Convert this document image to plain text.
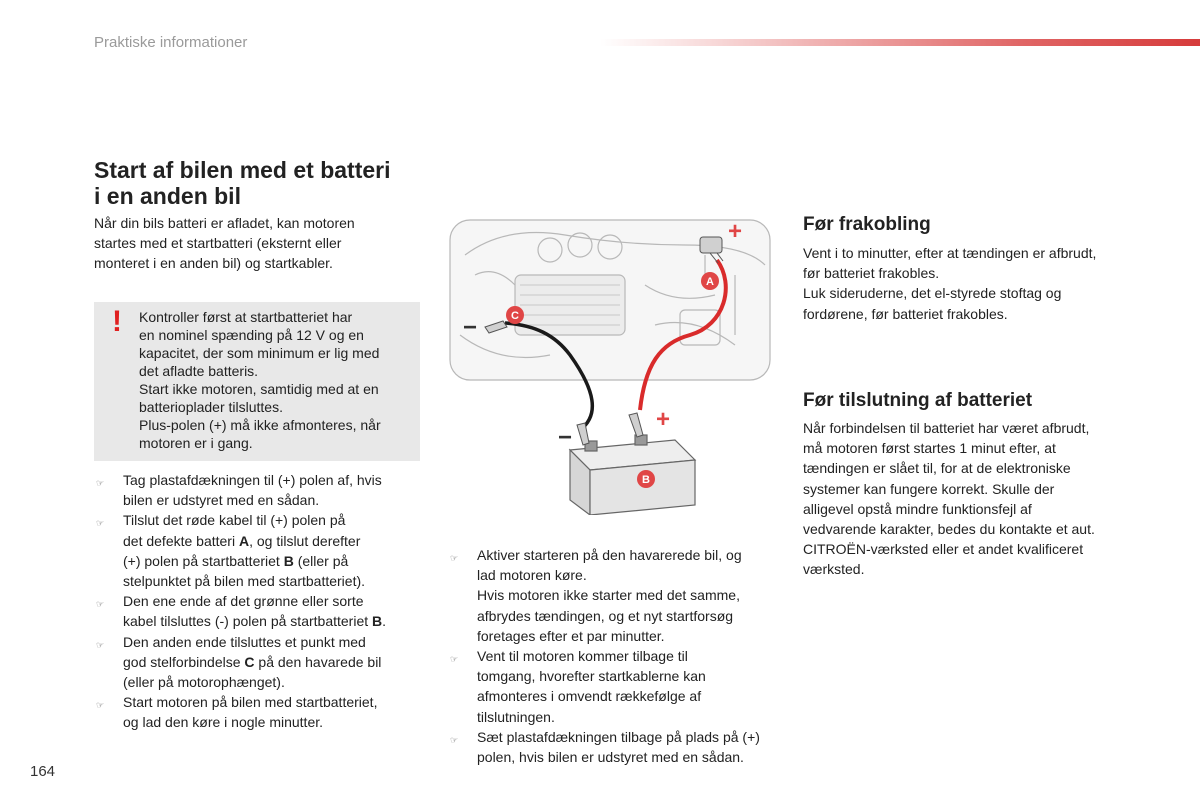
Praktiske informationer

Start af bilen med et batteri
i en anden bil

Når din bils batteri er afladet, kan motoren
startes med et startbatteri (eksternt eller
monteret i en anden bil) og startkabler.

Kontroller først at startbatteriet har

en nominel spænding på 12 V og en

kapacitet, der som minimum er lig med

det afladte batteris.

Start ikke motoren, samtidig med at en

batterioplader tilsluttes.

Plus-polen (+) må ikke afmonteres, når

motoren er i gang.

!
☞ Tag plastafdækningen til (+) polen af, hvis
bilen er udstyret med en sådan.
☞ Tilslut det røde kabel til (+) polen på
det defekte batteri A, og tilslut derefter
(+) polen på startbatteriet B (eller på
stelpunktet på bilen med startbatteriet).
☞ Den ene ende af det grønne eller sorte
kabel tilsluttes (-) polen på startbatteriet B.
☞ Den anden ende tilsluttes et punkt med
god stelforbindelse C på den havarede bil
(eller på motorophænget).
☞ Start motoren på bilen med startbatteriet,
og lad den køre i nogle minutter.
A
B
C
+
+
−
−
☞ Aktiver starteren på den havarerede bil, og
lad motoren køre.
Hvis motoren ikke starter med det samme,
afbrydes tændingen, og et nyt startforsøg
foretages efter et par minutter.
☞ Vent til motoren kommer tilbage til
tomgang, hvorefter startkablerne kan
afmonteres i omvendt rækkefølge af
tilslutningen.
☞ Sæt plastafdækningen tilbage på plads på (+)
polen, hvis bilen er udstyret med en sådan.
Før frakobling

Vent i to minutter, efter at tændingen er afbrudt,
før batteriet frakobles.
Luk sideruderne, det el-styrede stoftag og
fordørene, før batteriet frakobles.

Før tilslutning af batteriet

Når forbindelsen til batteriet har været afbrudt,
må motoren først startes 1 minut efter, at
tændingen er slået til, for at de elektroniske
systemer kan fungere korrekt. Skulle der
alligevel opstå mindre funktionsfejl af
vedvarende karakter, bedes du kontakte et aut.
CITROËN-værksted eller et andet kvalificeret
værksted.

164
